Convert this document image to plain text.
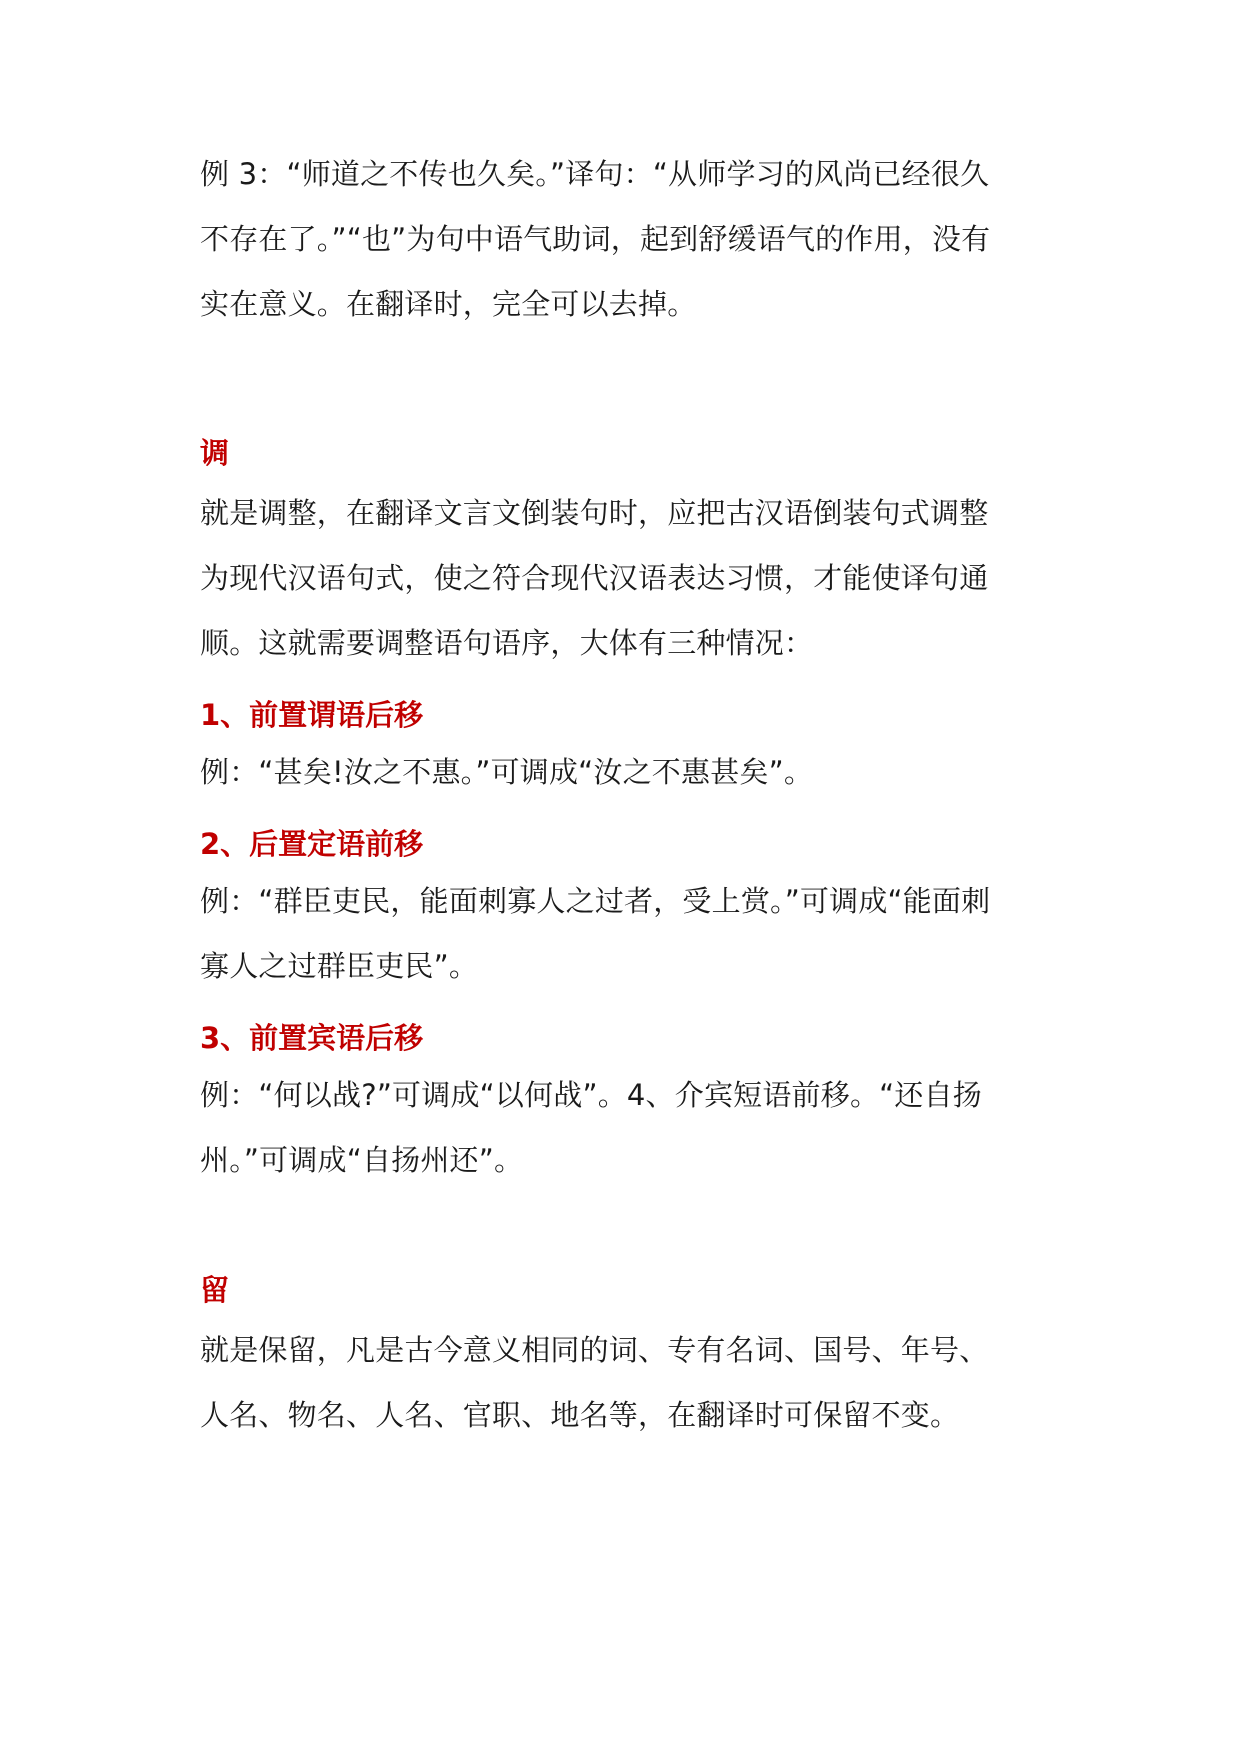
例 3：“师道之不传也久矣。”译句：“从师学习的风尚已经很久
不存在了。”“也”为句中语气助词，起到舒缓语气的作用，没有
实在意义。在翻译时，完全可以去掉。

调

就是调整，在翻译文言文倒装句时，应把古汉语倒装句式调整
为现代汉语句式，使之符合现代汉语表达习惯，才能使译句通
顺。这就需要调整语句语序，大体有三种情况：

1、前置谓语后移

例：“甚矣!汝之不惠。”可调成“汝之不惠甚矣”。

2、后置定语前移

例：“群臣吏民，能面刺寡人之过者，受上赏。”可调成“能面刺
寡人之过群臣吏民”。

3、前置宾语后移

例：“何以战?”可调成“以何战”。4、介宾短语前移。“还自扬
州。”可调成“自扬州还”。

留

就是保留，凡是古今意义相同的词、专有名词、国号、年号、
人名、物名、人名、官职、地名等，在翻译时可保留不变。
